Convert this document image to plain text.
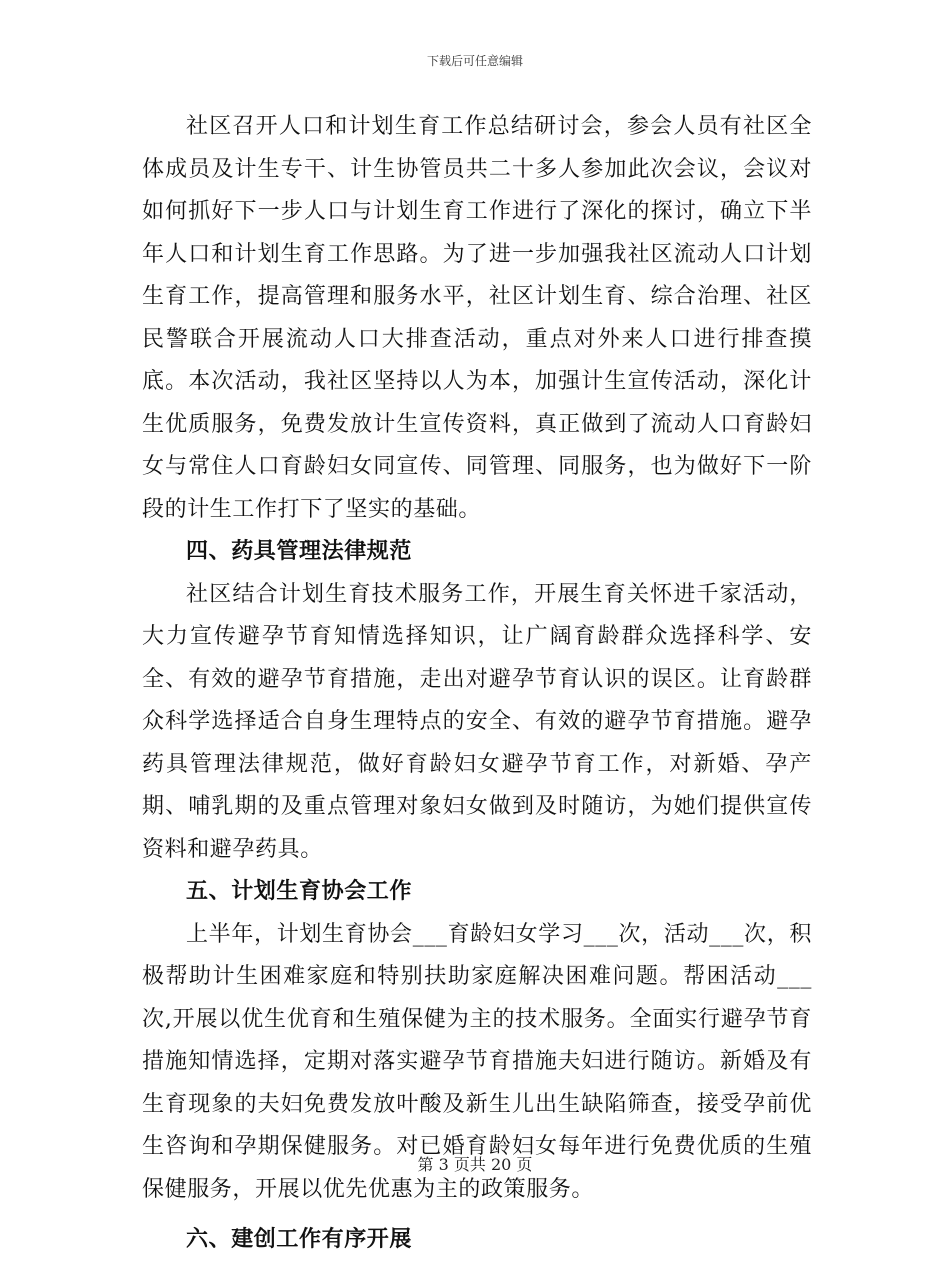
下载后可任意编辑

社区召开人口和计划生育工作总结研讨会，参会人员有社区全体成员及计生专干、计生协管员共二十多人参加此次会议，会议对如何抓好下一步人口与计划生育工作进行了深化的探讨，确立下半年人口和计划生育工作思路。为了进一步加强我社区流动人口计划生育工作，提高管理和服务水平，社区计划生育、综合治理、社区民警联合开展流动人口大排查活动，重点对外来人口进行排查摸底。本次活动，我社区坚持以人为本，加强计生宣传活动，深化计生优质服务，免费发放计生宣传资料，真正做到了流动人口育龄妇女与常住人口育龄妇女同宣传、同管理、同服务，也为做好下一阶段的计生工作打下了坚实的基础。

四、药具管理法律规范

社区结合计划生育技术服务工作，开展生育关怀进千家活动，大力宣传避孕节育知情选择知识，让广阔育龄群众选择科学、安全、有效的避孕节育措施，走出对避孕节育认识的误区。让育龄群众科学选择适合自身生理特点的安全、有效的避孕节育措施。避孕药具管理法律规范，做好育龄妇女避孕节育工作，对新婚、孕产期、哺乳期的及重点管理对象妇女做到及时随访，为她们提供宣传资料和避孕药具。

五、计划生育协会工作

上半年，计划生育协会___育龄妇女学习___次，活动___次，积极帮助计生困难家庭和特别扶助家庭解决困难问题。帮困活动___次,开展以优生优育和生殖保健为主的技术服务。全面实行避孕节育措施知情选择，定期对落实避孕节育措施夫妇进行随访。新婚及有生育现象的夫妇免费发放叶酸及新生儿出生缺陷筛查，接受孕前优生咨询和孕期保健服务。对已婚育龄妇女每年进行免费优质的生殖保健服务，开展以优先优惠为主的政策服务。

六、建创工作有序开展

第 3 页共 20 页
